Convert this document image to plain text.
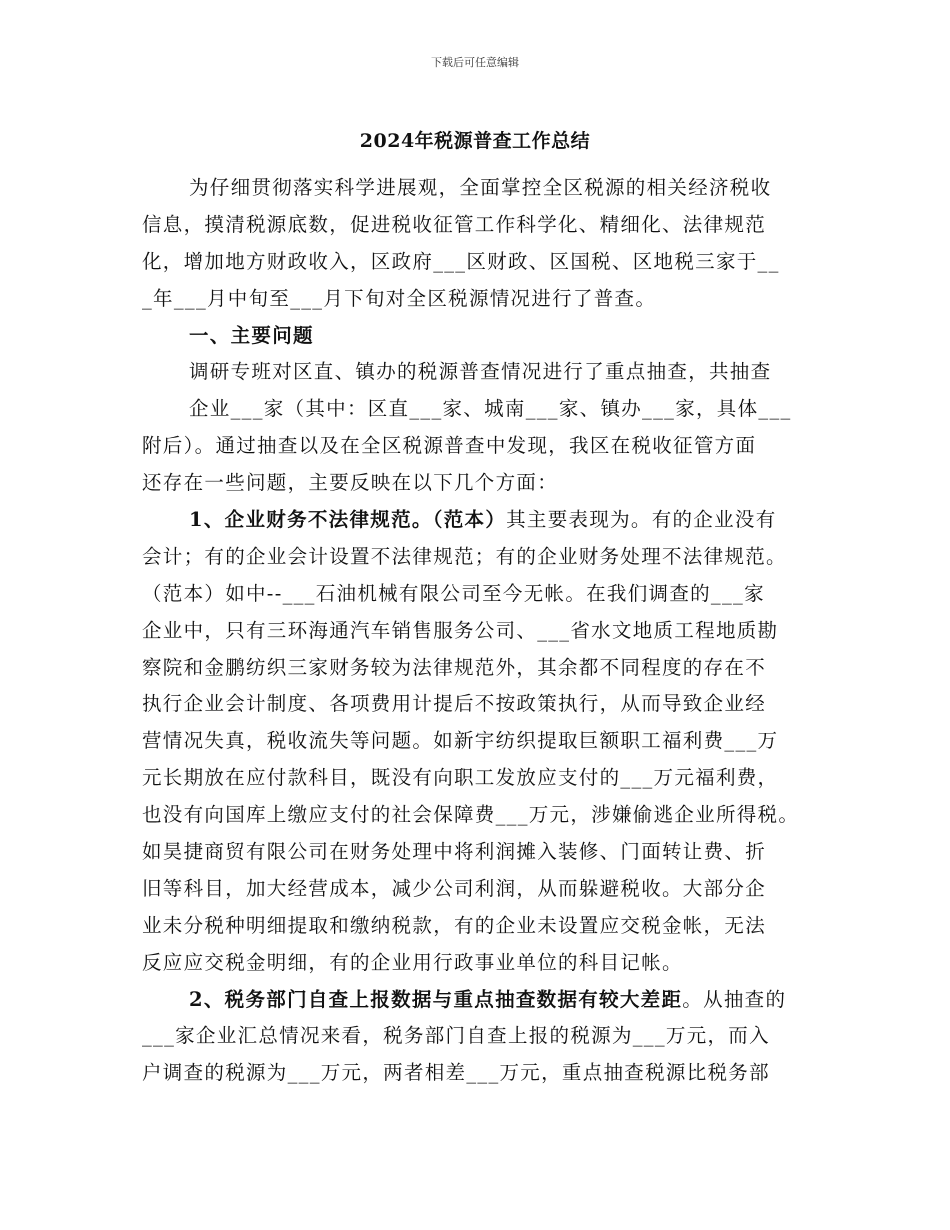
下载后可任意编辑
2024年税源普查工作总结
为仔细贯彻落实科学进展观，全面掌控全区税源的相关经济税收
信息，摸清税源底数，促进税收征管工作科学化、精细化、法律规范
化，增加地方财政收入，区政府___区财政、区国税、区地税三家于__
_年___月中旬至___月下旬对全区税源情况进行了普查。
一、主要问题
调研专班对区直、镇办的税源普查情况进行了重点抽查，共抽查
企业___家（其中：区直___家、城南___家、镇办___家，具体___
附后）。通过抽查以及在全区税源普查中发现，我区在税收征管方面
还存在一些问题，主要反映在以下几个方面：
1、企业财务不法律规范。（范本）其主要表现为。有的企业没有
会计；有的企业会计设置不法律规范；有的企业财务处理不法律规范。
（范本）如中--___石油机械有限公司至今无帐。在我们调查的___家
企业中，只有三环海通汽车销售服务公司、___省水文地质工程地质勘
察院和金鹏纺织三家财务较为法律规范外，其余都不同程度的存在不
执行企业会计制度、各项费用计提后不按政策执行，从而导致企业经
营情况失真，税收流失等问题。如新宇纺织提取巨额职工福利费___万
元长期放在应付款科目，既没有向职工发放应支付的___万元福利费，
也没有向国库上缴应支付的社会保障费___万元，涉嫌偷逃企业所得税。
如昊捷商贸有限公司在财务处理中将利润摊入装修、门面转让费、折
旧等科目，加大经营成本，减少公司利润，从而躲避税收。大部分企
业未分税种明细提取和缴纳税款，有的企业未设置应交税金帐，无法
反应应交税金明细，有的企业用行政事业单位的科目记帐。
2、税务部门自查上报数据与重点抽查数据有较大差距。从抽查的
___家企业汇总情况来看，税务部门自查上报的税源为___万元，而入
户调查的税源为___万元，两者相差___万元，重点抽查税源比税务部
